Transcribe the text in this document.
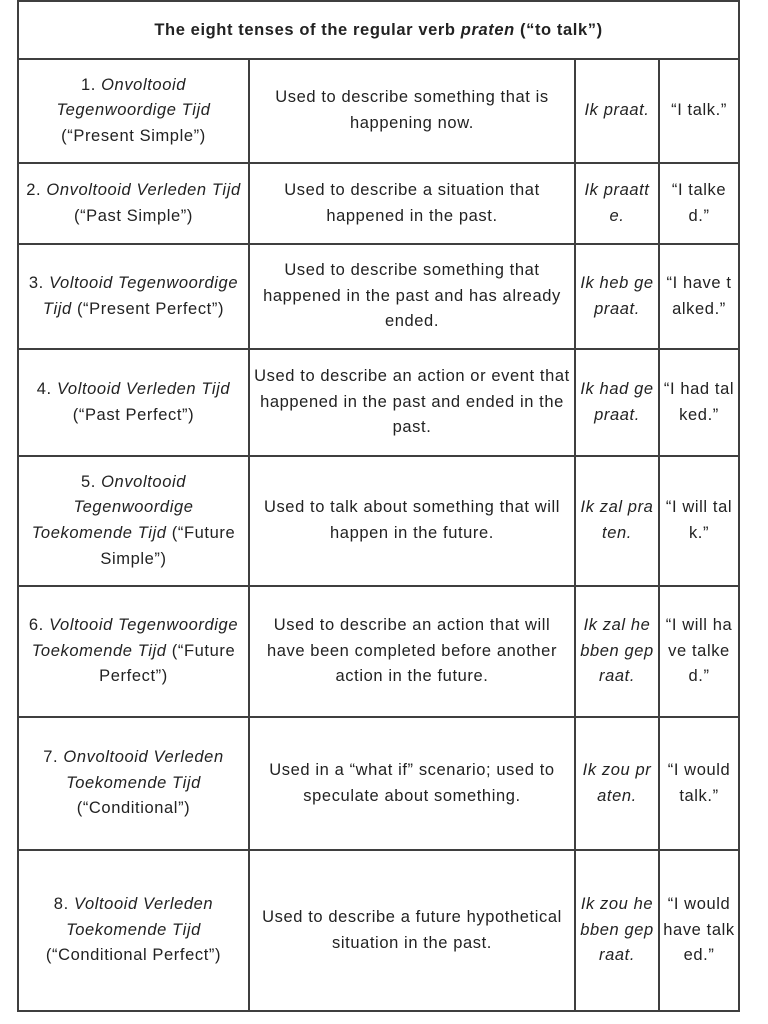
The eight tenses of the regular verb praten (“to talk”)			
1. Onvoltooid Tegenwoordige Tijd (“Present Simple”)	Used to describe something that is happening now.	Ik praat.	“I talk.”
2. Onvoltooid Verleden Tijd (“Past Simple”)	Used to describe a situation that happened in the past.	Ik praatte.	“I talked.”
3. Voltooid Tegenwoordige Tijd (“Present Perfect”)	Used to describe something that happened in the past and has already ended.	Ik heb gepraat.	“I have talked.”
4. Voltooid Verleden Tijd (“Past Perfect”)	Used to describe an action or event that happened in the past and ended in the past.	Ik had gepraat.	“I had talked.”
5. Onvoltooid Tegenwoordige Toekomende Tijd (“Future Simple”)	Used to talk about something that will happen in the future.	Ik zal praten.	“I will talk.”
6. Voltooid Tegenwoordige Toekomende Tijd (“Future Perfect”)	Used to describe an action that will have been completed before another action in the future.	Ik zal hebben gepraat.	“I will have talked.”
7. Onvoltooid Verleden Toekomende Tijd (“Conditional”)	Used in a “what if” scenario; used to speculate about something.	Ik zou praten.	“I would talk.”
8. Voltooid Verleden Toekomende Tijd (“Conditional Perfect”)	Used to describe a future hypothetical situation in the past.	Ik zou hebben gepraat.	“I would have talked.”
